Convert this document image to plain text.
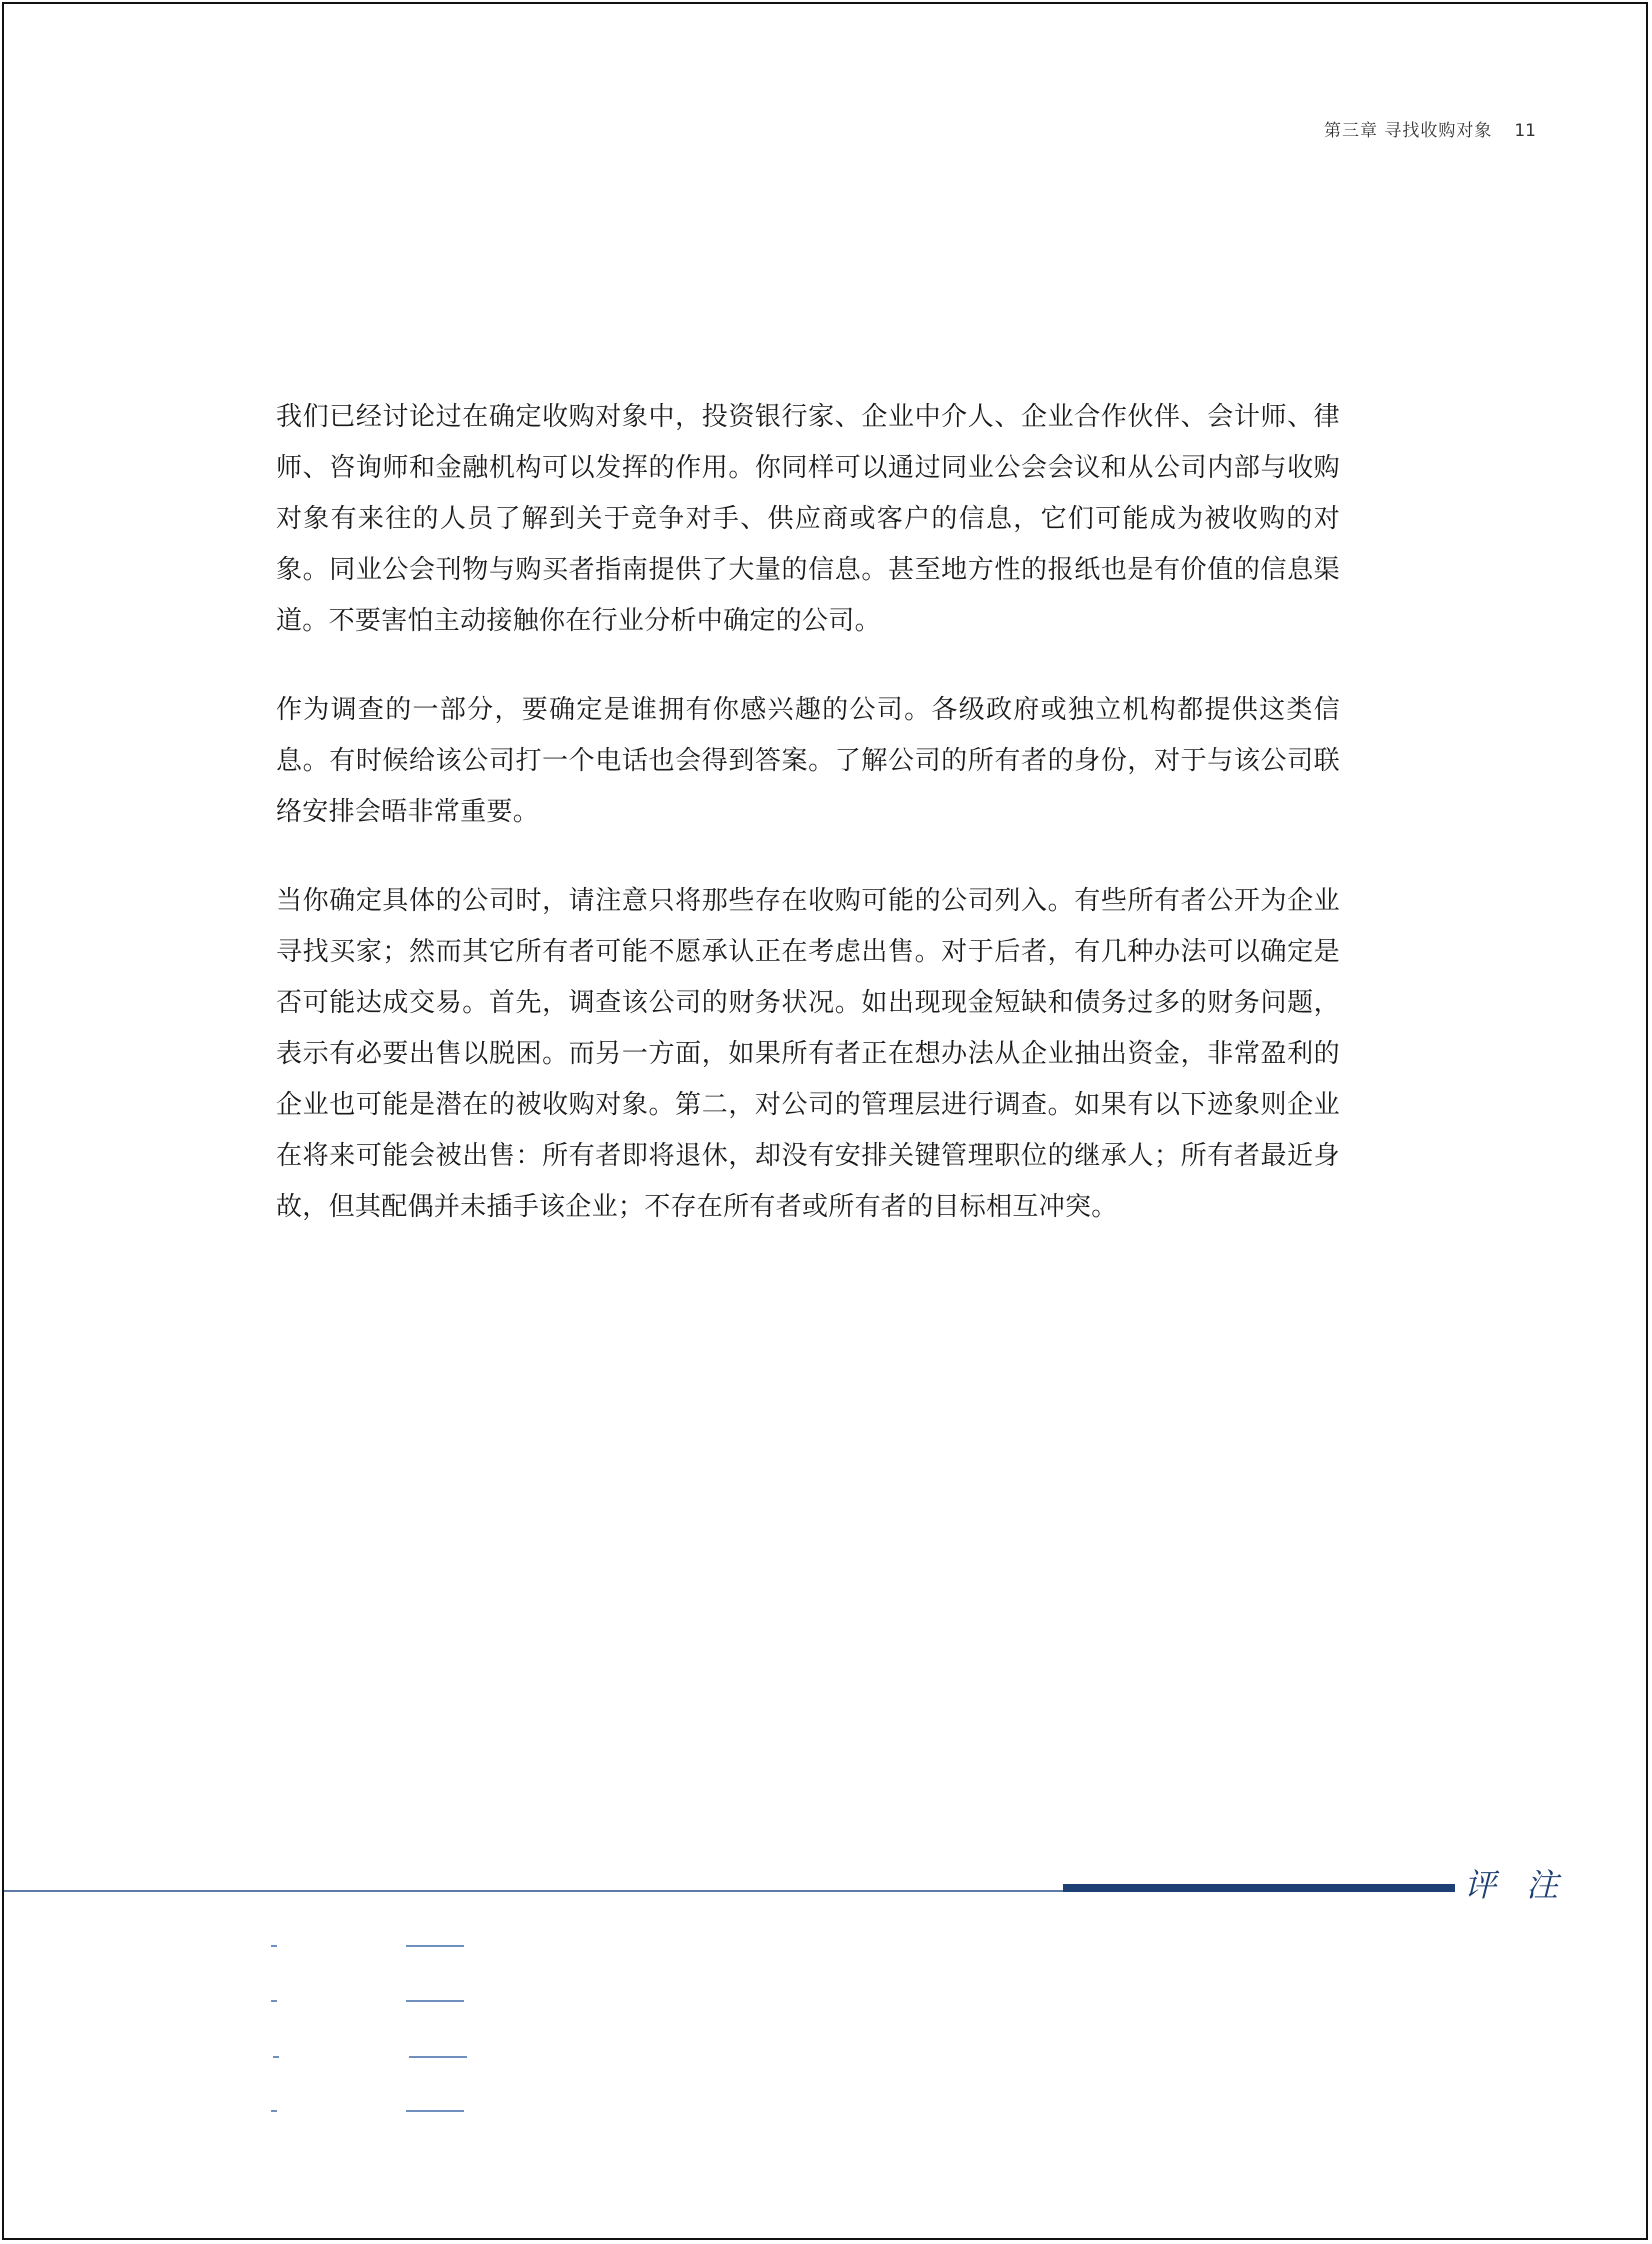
第三章 寻找收购对象 11

我们已经讨论过在确定收购对象中，投资银行家、企业中介人、企业合作伙伴、会计师、律师、咨询师和金融机构可以发挥的作用。你同样可以通过同业公会会议和从公司内部与收购对象有来往的人员了解到关于竞争对手、供应商或客户的信息，它们可能成为被收购的对象。同业公会刊物与购买者指南提供了大量的信息。甚至地方性的报纸也是有价值的信息渠道。不要害怕主动接触你在行业分析中确定的公司。

作为调查的一部分，要确定是谁拥有你感兴趣的公司。各级政府或独立机构都提供这类信息。有时候给该公司打一个电话也会得到答案。了解公司的所有者的身份，对于与该公司联络安排会晤非常重要。

当你确定具体的公司时，请注意只将那些存在收购可能的公司列入。有些所有者公开为企业寻找买家；然而其它所有者可能不愿承认正在考虑出售。对于后者，有几种办法可以确定是否可能达成交易。首先，调查该公司的财务状况。如出现现金短缺和债务过多的财务问题，表示有必要出售以脱困。而另一方面，如果所有者正在想办法从企业抽出资金，非常盈利的企业也可能是潜在的被收购对象。第二，对公司的管理层进行调查。如果有以下迹象则企业在将来可能会被出售：所有者即将退休，却没有安排关键管理职位的继承人；所有者最近身故，但其配偶并未插手该企业；不存在所有者或所有者的目标相互冲突。

评 注
